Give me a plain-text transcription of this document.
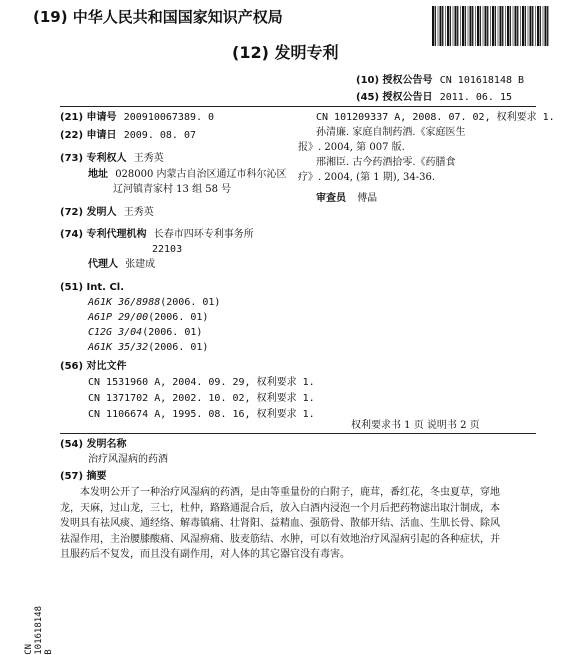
(19) 中华人民共和国国家知识产权局
(12) 发明专利
(10) 授权公告号 CN 101618148 B
(45) 授权公告日 2011. 06. 15
(21) 申请号 200910067389. 0
(22) 申请日 2009. 08. 07
(73) 专利权人 王秀英
地址 028000 内蒙古自治区通辽市科尔沁区
辽河镇青家村 13 组 58 号
(72) 发明人 王秀英
(74) 专利代理机构 长春市四环专利事务所
22103
代理人 张建成
(51) Int. Cl.
A61K 36/8988(2006. 01)
A61P 29/00(2006. 01)
C12G 3/04(2006. 01)
A61K 35/32(2006. 01)
(56) 对比文件
CN 1531960 A, 2004. 09. 29, 权利要求 1.
CN 1371702 A, 2002. 10. 02, 权利要求 1.
CN 1106674 A, 1995. 08. 16, 权利要求 1.
CN 101209337 A, 2008. 07. 02, 权利要求 1.
孙清廉. 家庭自制药酒.《家庭医生
报》. 2004, 第 007 版.
邢湘臣. 古今药酒拾零.《药膳食
疗》. 2004, (第 1 期), 34-36.
审查员 傅晶
权利要求书 1 页 说明书 2 页
(54) 发明名称
治疗风湿病的药酒
(57) 摘要
本发明公开了一种治疗风湿病的药酒，是由等重量份的白附子，鹿茸，番红花，冬虫夏草，穿地龙，天麻，过山龙，三七，杜仲，路路通混合后，放入白酒内浸泡一个月后把药物滤出取汁制成，本发明具有祛风痰、通经络、解毒镇痛、壮肾阳、益精血、强筋骨、散郁开结、活血、生肌长骨、除风祛湿作用，主治腰膝酸痛、风湿痹痛、肢麦筋结、水肿，可以有效地治疗风湿病引起的各种症状，并且服药后不复发，而且没有副作用，对人体的其它器官没有毒害。
CN 101618148 B
